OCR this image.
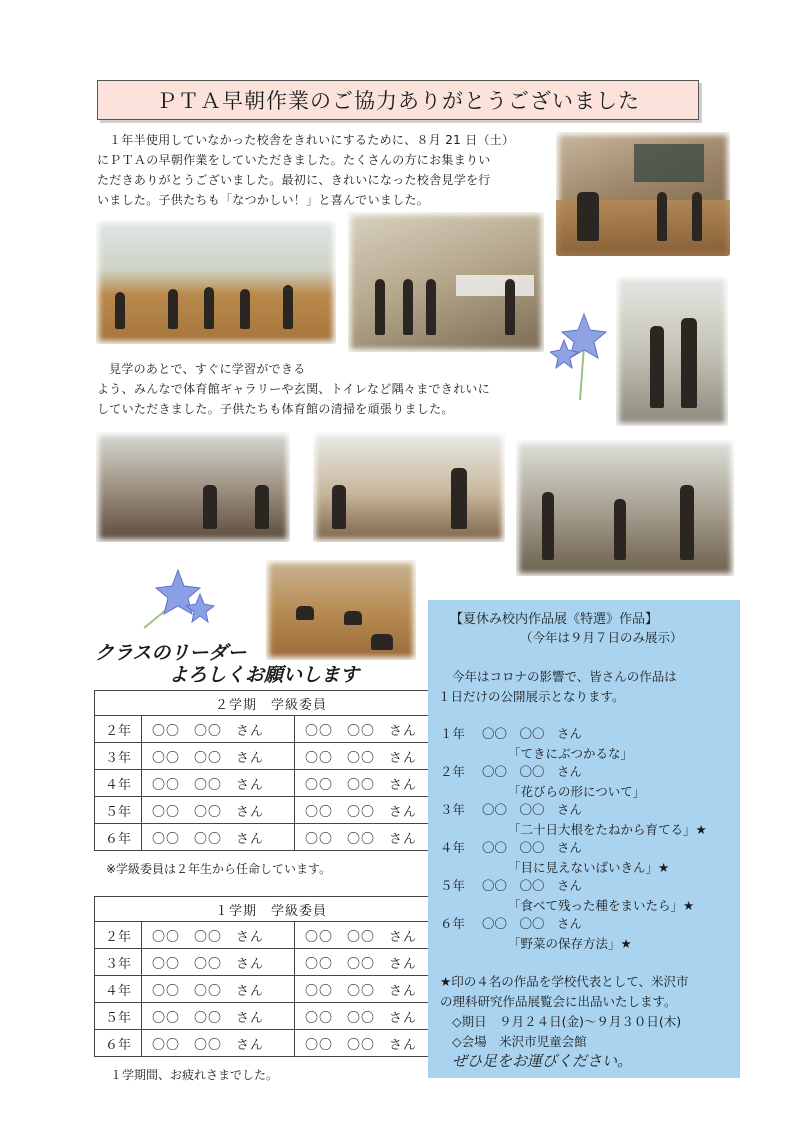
ＰＴＡ早朝作業のご協力ありがとうございました
１年半使用していなかった校舎をきれいにするために、８月 21 日（土）
にＰＴＡの早朝作業をしていただきました。たくさんの方にお集まりい
ただきありがとうございました。最初に、きれいになった校舎見学を行
いました。子供たちも「なつかしい！」と喜んでいました。
見学のあとで、すぐに学習ができる
よう、みんなで体育館ギャラリーや玄関、トイレなど隅々まできれいに
していただきました。子供たちも体育館の清掃を頑張りました。
クラスのリーダー
よろしくお願いします
２学期　学級委員		
２年	〇〇　〇〇　さん	〇〇　〇〇　さん
３年	〇〇　〇〇　さん	〇〇　〇〇　さん
４年	〇〇　〇〇　さん	〇〇　〇〇　さん
５年	〇〇　〇〇　さん	〇〇　〇〇　さん
６年	〇〇　〇〇　さん	〇〇　〇〇　さん
※学級委員は２年生から任命しています。
１学期　学級委員		
２年	〇〇　〇〇　さん	〇〇　〇〇　さん
３年	〇〇　〇〇　さん	〇〇　〇〇　さん
４年	〇〇　〇〇　さん	〇〇　〇〇　さん
５年	〇〇　〇〇　さん	〇〇　〇〇　さん
６年	〇〇　〇〇　さん	〇〇　〇〇　さん
１学期間、お疲れさまでした。
【夏休み校内作品展《特選》作品】
（今年は９月７日のみ展示）
今年はコロナの影響で、皆さんの作品は
１日だけの公開展示となります。
１年 〇〇　〇〇　さん
「てきにぶつかるな」
２年 〇〇　〇〇　さん
「花びらの形について」
３年 〇〇　〇〇　さん
「二十日大根をたねから育てる」★
４年 〇〇　〇〇　さん
「目に見えないばいきん」★
５年 〇〇　〇〇　さん
「食べて残った種をまいたら」★
６年 〇〇　〇〇　さん
「野菜の保存方法」★
★印の４名の作品を学校代表として、米沢市
の理科研究作品展覧会に出品いたします。
◇期日　９月２４日(金)～９月３０日(木)
◇会場　米沢市児童会館
ぜひ足をお運びください。
